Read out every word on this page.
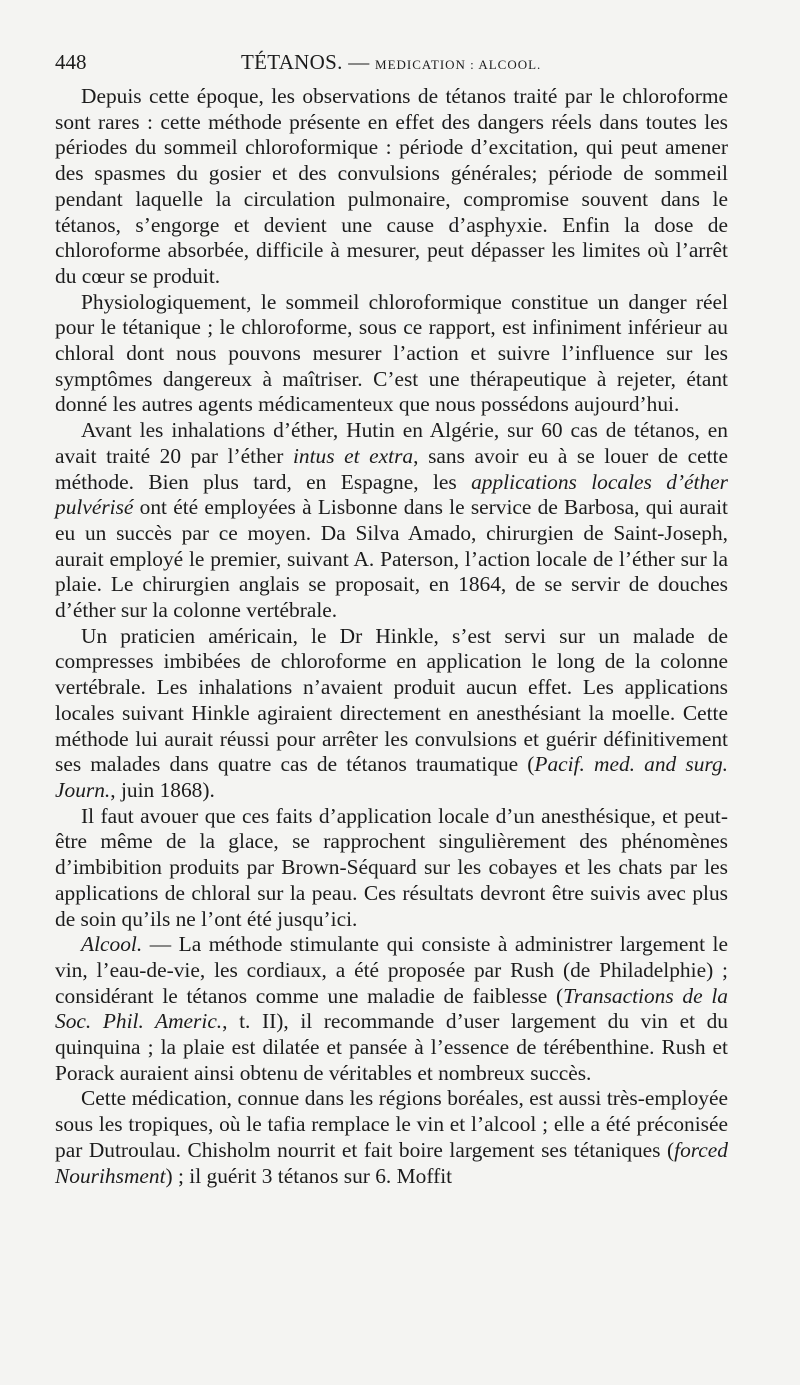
448	TÉTANOS. — MEDICATION : ALCOOL.

Depuis cette époque, les observations de tétanos traité par le chloroforme sont rares : cette méthode présente en effet des dangers réels dans toutes les périodes du sommeil chloroformique : période d’excitation, qui peut amener des spasmes du gosier et des convulsions générales; période de sommeil pendant laquelle la circulation pulmonaire, compromise souvent dans le tétanos, s’engorge et devient une cause d’asphyxie. Enfin la dose de chloroforme absorbée, difficile à mesurer, peut dépasser les limites où l’arrêt du cœur se produit.

Physiologiquement, le sommeil chloroformique constitue un danger réel pour le tétanique ; le chloroforme, sous ce rapport, est infiniment inférieur au chloral dont nous pouvons mesurer l’action et suivre l’influence sur les symptômes dangereux à maîtriser. C’est une thérapeutique à rejeter, étant donné les autres agents médicamenteux que nous possédons aujourd’hui.

Avant les inhalations d’éther, Hutin en Algérie, sur 60 cas de tétanos, en avait traité 20 par l’éther intus et extra, sans avoir eu à se louer de cette méthode. Bien plus tard, en Espagne, les applications locales d’éther pulvérisé ont été employées à Lisbonne dans le service de Barbosa, qui aurait eu un succès par ce moyen. Da Silva Amado, chirurgien de Saint-Joseph, aurait employé le premier, suivant A. Paterson, l’action locale de l’éther sur la plaie. Le chirurgien anglais se proposait, en 1864, de se servir de douches d’éther sur la colonne vertébrale.

Un praticien américain, le Dr Hinkle, s’est servi sur un malade de compresses imbibées de chloroforme en application le long de la colonne vertébrale. Les inhalations n’avaient produit aucun effet. Les applications locales suivant Hinkle agiraient directement en anesthésiant la moelle. Cette méthode lui aurait réussi pour arrêter les convulsions et guérir définitivement ses malades dans quatre cas de tétanos traumatique (Pacif. med. and surg. Journ., juin 1868).

Il faut avouer que ces faits d’application locale d’un anesthésique, et peut-être même de la glace, se rapprochent singulièrement des phénomènes d’imbibition produits par Brown-Séquard sur les cobayes et les chats par les applications de chloral sur la peau. Ces résultats devront être suivis avec plus de soin qu’ils ne l’ont été jusqu’ici.

Alcool. — La méthode stimulante qui consiste à administrer largement le vin, l’eau-de-vie, les cordiaux, a été proposée par Rush (de Philadelphie) ; considérant le tétanos comme une maladie de faiblesse (Transactions de la Soc. Phil. Americ., t. II), il recommande d’user largement du vin et du quinquina ; la plaie est dilatée et pansée à l’essence de térébenthine. Rush et Porack auraient ainsi obtenu de véritables et nombreux succès.

Cette médication, connue dans les régions boréales, est aussi très-employée sous les tropiques, où le tafia remplace le vin et l’alcool ; elle a été préconisée par Dutroulau. Chisholm nourrit et fait boire largement ses tétaniques (forced Nourihsment) ; il guérit 3 tétanos sur 6. Moffit
